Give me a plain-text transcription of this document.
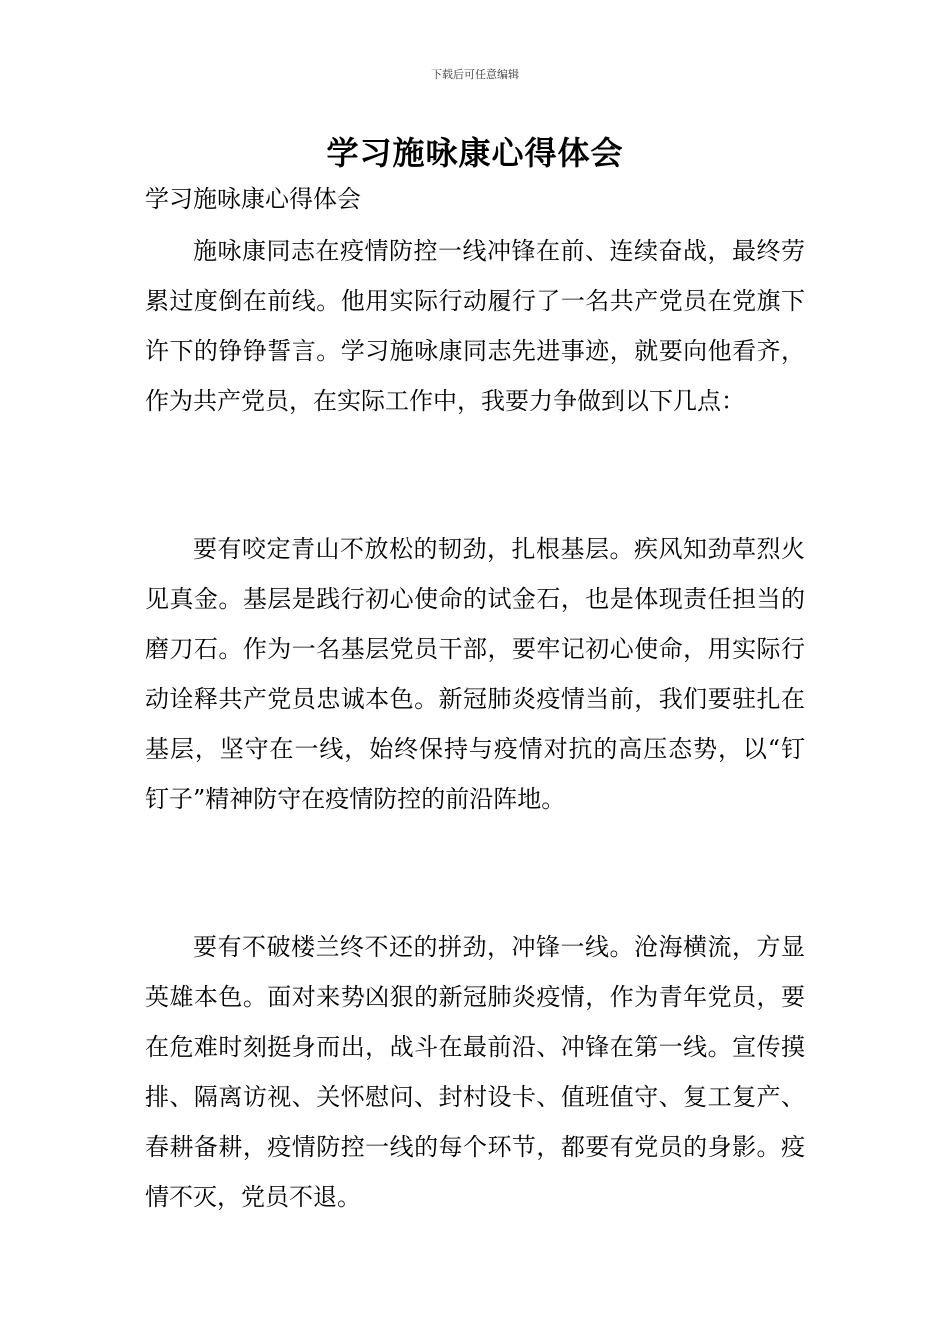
下载后可任意编辑
学习施咏康心得体会

学习施咏康心得体会

施咏康同志在疫情防控一线冲锋在前、连续奋战，最终劳累过度倒在前线。他用实际行动履行了一名共产党员在党旗下许下的铮铮誓言。学习施咏康同志先进事迹，就要向他看齐，作为共产党员，在实际工作中，我要力争做到以下几点：

要有咬定青山不放松的韧劲，扎根基层。疾风知劲草烈火见真金。基层是践行初心使命的试金石，也是体现责任担当的磨刀石。作为一名基层党员干部，要牢记初心使命，用实际行动诠释共产党员忠诚本色。新冠肺炎疫情当前，我们要驻扎在基层，坚守在一线，始终保持与疫情对抗的高压态势，以“钉钉子”精神防守在疫情防控的前沿阵地。

要有不破楼兰终不还的拼劲，冲锋一线。沧海横流，方显英雄本色。面对来势凶狠的新冠肺炎疫情，作为青年党员，要在危难时刻挺身而出，战斗在最前沿、冲锋在第一线。宣传摸排、隔离访视、关怀慰问、封村设卡、值班值守、复工复产、春耕备耕，疫情防控一线的每个环节，都要有党员的身影。疫情不灭，党员不退。
